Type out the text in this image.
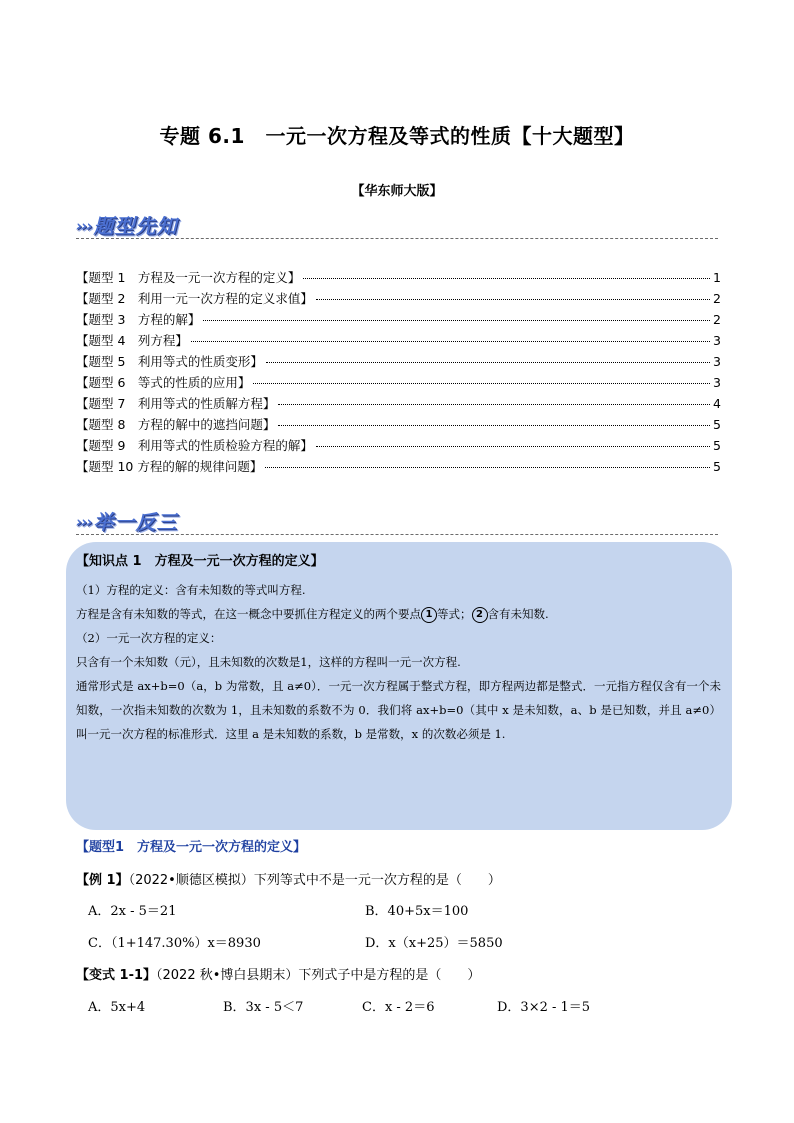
专题 6.1　一元一次方程及等式的性质【十大题型】
【华东师大版】
››› 题型先知
【题型 1　方程及一元一次方程的定义】	1
【题型 2　利用一元一次方程的定义求值】	2
【题型 3　方程的解】	2
【题型 4　列方程】	3
【题型 5　利用等式的性质变形】	3
【题型 6　等式的性质的应用】	3
【题型 7　利用等式的性质解方程】	4
【题型 8　方程的解中的遮挡问题】	5
【题型 9　利用等式的性质检验方程的解】	5
【题型 10 方程的解的规律问题】	5
››› 举一反三
【知识点 1　方程及一元一次方程的定义】

（1）方程的定义：含有未知数的等式叫方程.

方程是含有未知数的等式，在这一概念中要抓住方程定义的两个要点 1 等式； 2 含有未知数.

（2）一元一次方程的定义：

只含有一个未知数（元），且未知数的次数是1，这样的方程叫一元一次方程.

通常形式是 ax+b=0（a，b 为常数，且 a≠0）．一元一次方程属于整式方程，即方程两边都是整式．一元指方程仅含有一个未知数，一次指未知数的次数为 1，且未知数的系数不为 0．我们将 ax+b=0（其中 x 是未知数，a、b 是已知数，并且 a≠0）叫一元一次方程的标准形式．这里 a 是未知数的系数，b 是常数，x 的次数必须是 1.

【题型1　方程及一元一次方程的定义】
【例 1】（2022•顺德区模拟）下列等式中不是一元一次方程的是（　　）
A．2x - 5＝21	B．40+5x＝100
C．（1+147.30%）x＝8930	D．x（x+25）＝5850
【变式 1-1】（2022 秋•博白县期末）下列式子中是方程的是（　　）
A．5x+4	B．3x - 5＜7	C．x - 2＝6	D．3×2 - 1＝5
